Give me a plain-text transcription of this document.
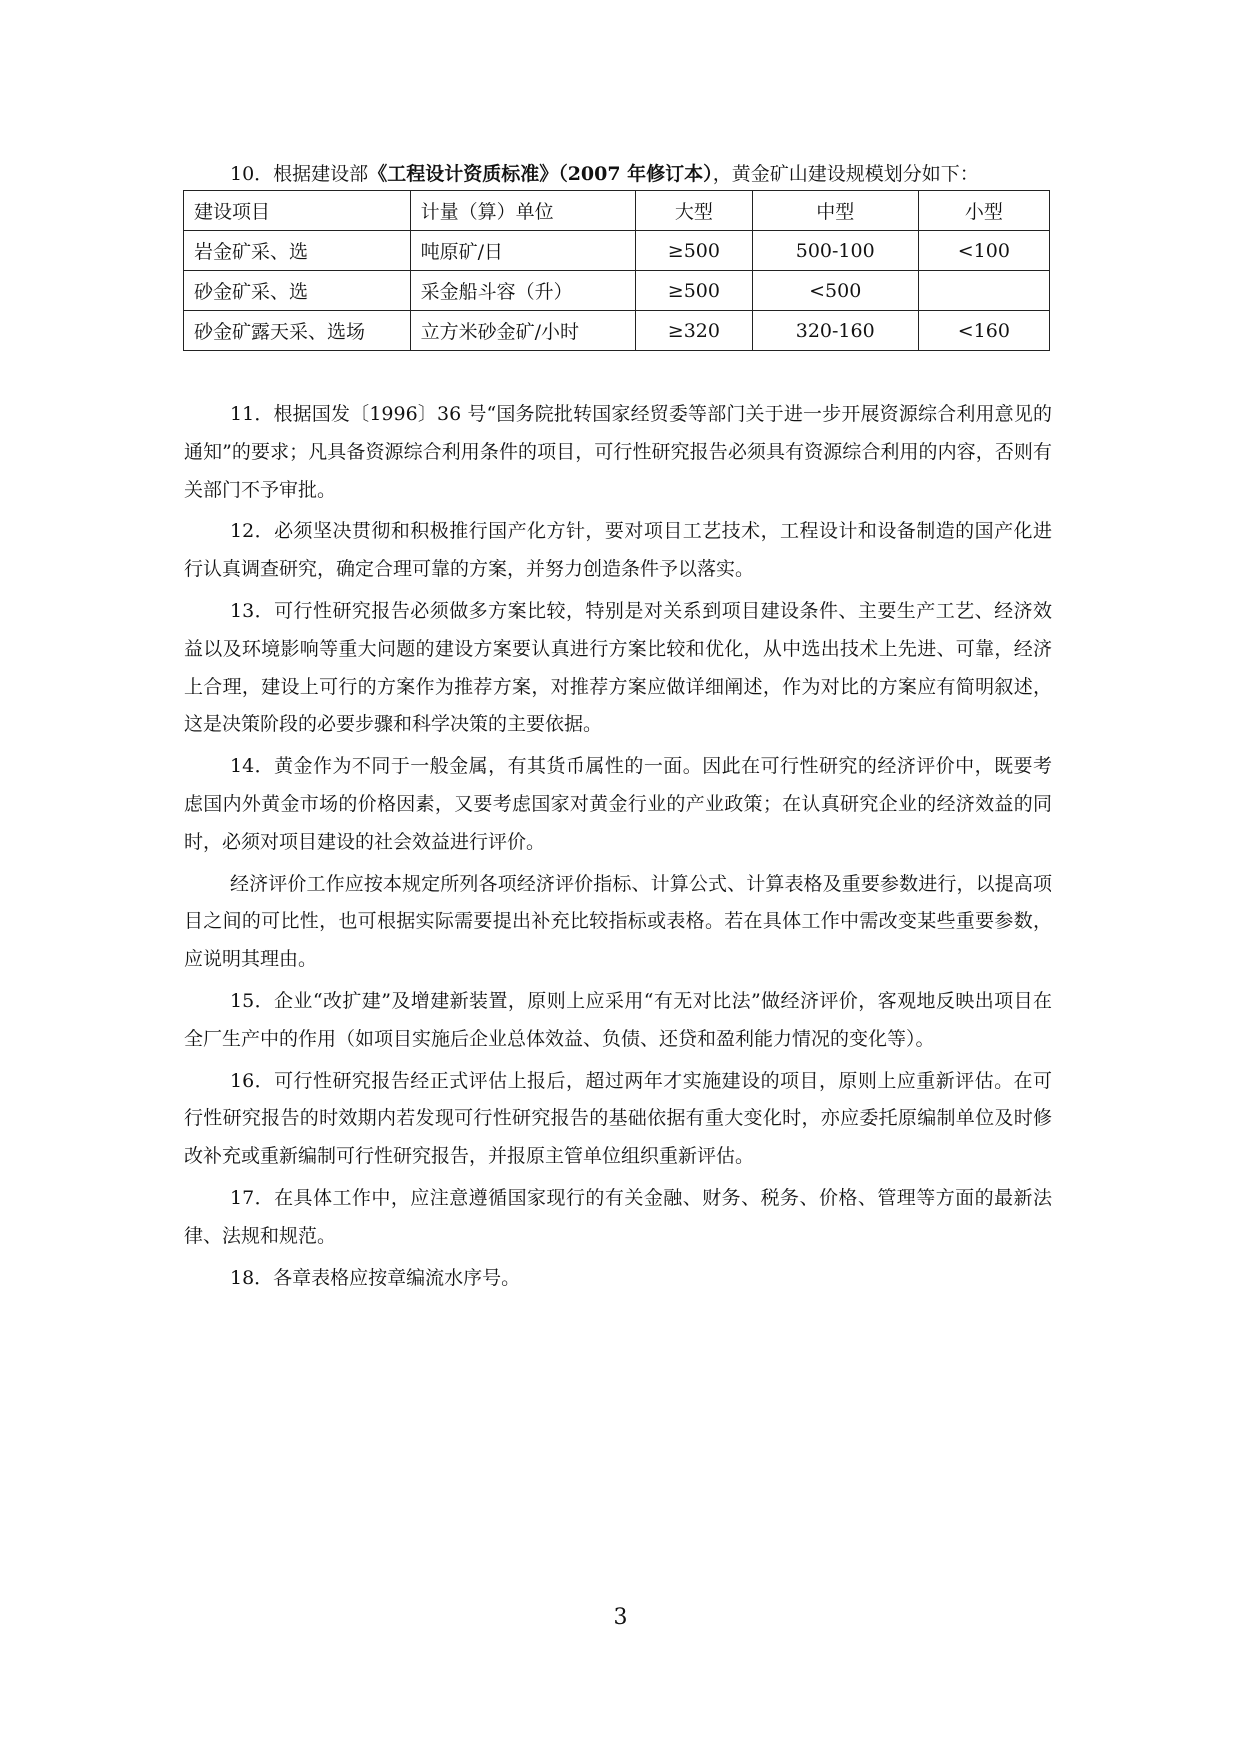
10．根据建设部《工程设计资质标准》（2007 年修订本），黄金矿山建设规模划分如下：

建设项目	计量（算）单位	大型	中型	小型
岩金矿采、选	吨原矿/日	≥500	500-100	<100
砂金矿采、选	采金船斗容（升）	≥500	<500	
砂金矿露天采、选场	立方米砂金矿/小时	≥320	320-160	<160

11．根据国发〔1996〕36 号“国务院批转国家经贸委等部门关于进一步开展资源综合利用意见的通知”的要求；凡具备资源综合利用条件的项目，可行性研究报告必须具有资源综合利用的内容，否则有关部门不予审批。

12．必须坚决贯彻和积极推行国产化方针，要对项目工艺技术，工程设计和设备制造的国产化进行认真调查研究，确定合理可靠的方案，并努力创造条件予以落实。

13．可行性研究报告必须做多方案比较，特别是对关系到项目建设条件、主要生产工艺、经济效益以及环境影响等重大问题的建设方案要认真进行方案比较和优化，从中选出技术上先进、可靠，经济上合理，建设上可行的方案作为推荐方案，对推荐方案应做详细阐述，作为对比的方案应有简明叙述，这是决策阶段的必要步骤和科学决策的主要依据。

14．黄金作为不同于一般金属，有其货币属性的一面。因此在可行性研究的经济评价中，既要考虑国内外黄金市场的价格因素，又要考虑国家对黄金行业的产业政策；在认真研究企业的经济效益的同时，必须对项目建设的社会效益进行评价。

经济评价工作应按本规定所列各项经济评价指标、计算公式、计算表格及重要参数进行，以提高项目之间的可比性，也可根据实际需要提出补充比较指标或表格。若在具体工作中需改变某些重要参数，应说明其理由。

15．企业“改扩建”及增建新装置，原则上应采用“有无对比法”做经济评价，客观地反映出项目在全厂生产中的作用（如项目实施后企业总体效益、负债、还贷和盈利能力情况的变化等）。

16．可行性研究报告经正式评估上报后，超过两年才实施建设的项目，原则上应重新评估。在可行性研究报告的时效期内若发现可行性研究报告的基础依据有重大变化时，亦应委托原编制单位及时修改补充或重新编制可行性研究报告，并报原主管单位组织重新评估。

17．在具体工作中，应注意遵循国家现行的有关金融、财务、税务、价格、管理等方面的最新法律、法规和规范。

18．各章表格应按章编流水序号。

3
